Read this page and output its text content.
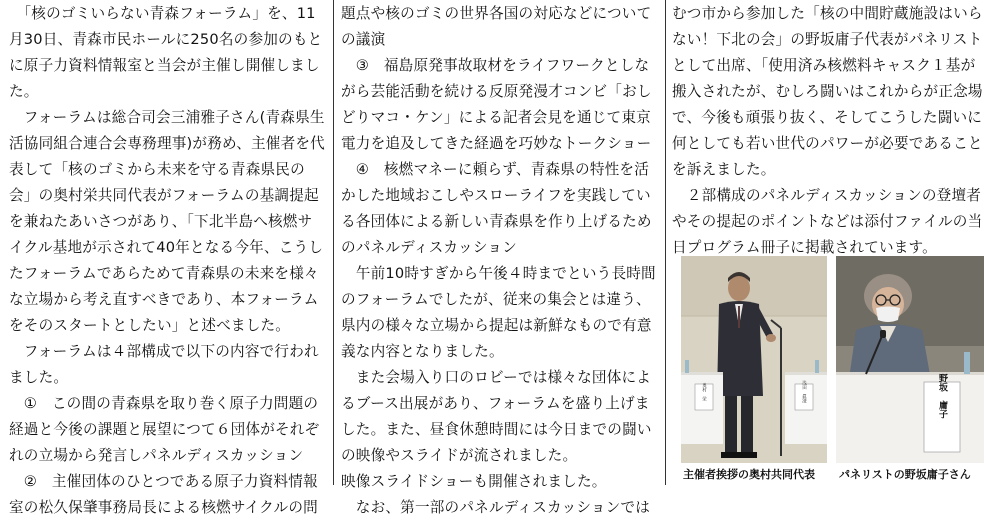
　「核のゴミいらない青森フォーラム」を、11月30日、青森市民ホールに250名の参加のもとに原子力資料情報室と当会が主催し開催しました。

　フォーラムは総合司会三浦雅子さん(青森県生活協同組合連合会専務理事)が務め、主催者を代表して「核のゴミから未来を守る青森県民の会」の奥村栄共同代表がフォーラムの基調提起を兼ねたあいさつがあり、「下北半島へ核燃サイクル基地が示されて40年となる今年、こうしたフォーラムであらためて青森県の未来を様々な立場から考え直すべきであり、本フォーラムをそのスタートとしたい」と述べました。

　フォーラムは４部構成で以下の内容で行われました。

　①　この間の青森県を取り巻く原子力問題の経過と今後の課題と展望につて６団体がそれぞれの立場から発言しパネルディスカッション

　②　主催団体のひとつである原子力資料情報室の松久保肇事務局長による核燃サイクルの問

題点や核のゴミの世界各国の対応などについての議演

　③　福島原発事故取材をライフワークとしながら芸能活動を続ける反原発漫才コンビ「おしどりマコ・ケン」による記者会見を通じて東京電力を追及してきた経過を巧妙なトークショー

　④　核燃マネーに頼らず、青森県の特性を活かした地域おこしやスローライフを実践している各団体による新しい青森県を作り上げるためのパネルディスカッション

　午前10時すぎから午後４時までという長時間のフォーラムでしたが、従来の集会とは違う、県内の様々な立場から提起は新鮮なもので有意義な内容となりました。

　また会場入り口のロビーでは様々な団体によるブース出展があり、フォーラムを盛り上げました。また、昼食休憩時間には今日までの闘いの映像やスライドが流されました。

映像スライドショーも開催されました。

　なお、第一部のパネルディスカッションでは

むつ市から参加した「核の中間貯蔵施設はいらない！下北の会」の野坂庸子代表がパネリストとして出席、「使用済み核燃料キャスク１基が搬入されたが、むしろ闘いはこれからが正念場で、今後も頑張り抜く、そしてこうした闘いに何としても若い世代のパワーが必要であることを訴えました。

　２部構成のパネルディスカッションの登壇者やその提起のポイントなどは添付ファイルの当日プログラム冊子に掲載されています。

奥村　栄	浅田　眞澄	野坂　庸子
主催者挨拶の奥村共同代表 パネリストの野坂庸子さん
